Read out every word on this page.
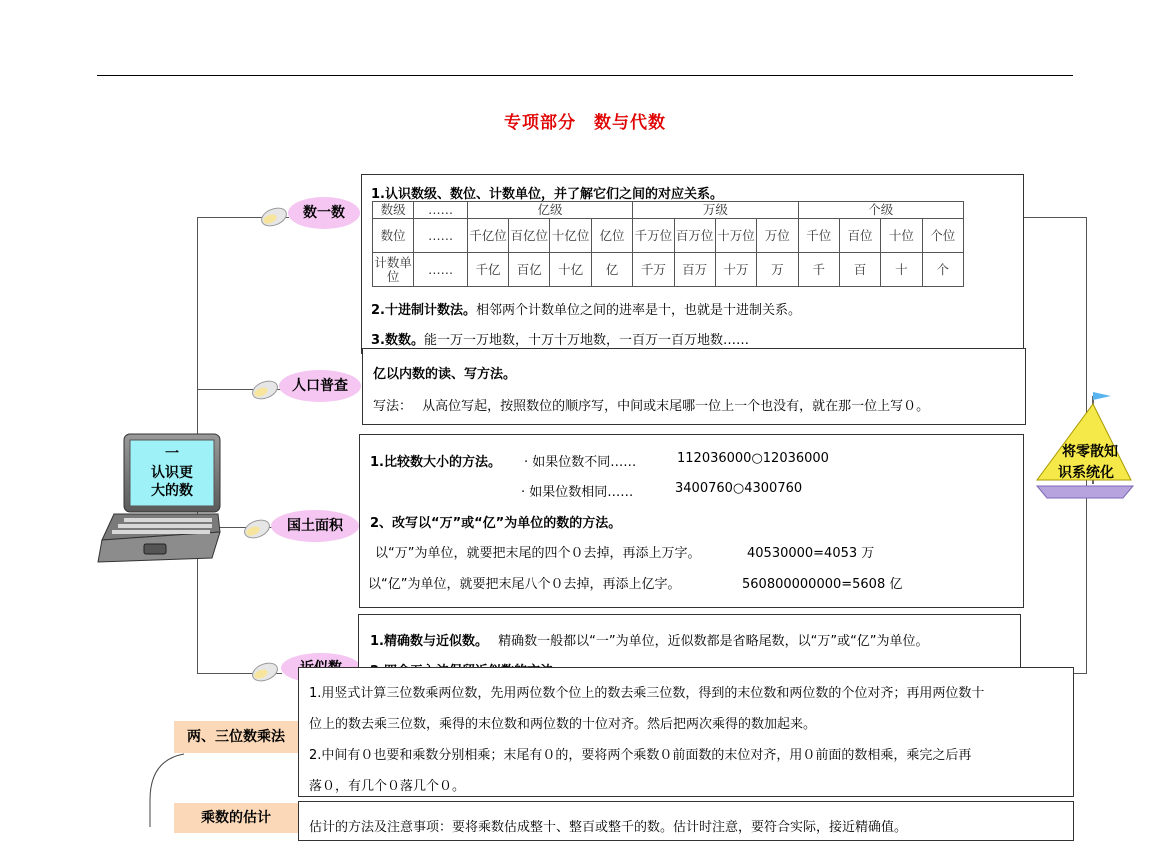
专项部分　数与代数
一
认识更
大的数
将零散知
识系统化
数一数
人口普查
国土面积
1.认识数级、数位、计数单位，并了解它们之间的对应关系。
数级	……	亿级				万级				个级			
数位	……	千亿位	百亿位	十亿位	亿位	千万位	百万位	十万位	万位	千位	百位	十位	个位
计数单位	……	千亿	百亿	十亿	亿	千万	百万	十万	万	千	百	十	个
2.十进制计数法。相邻两个计数单位之间的进率是十，也就是十进制关系。
3.数数。能一万一万地数，十万十万地数，一百万一百万地数……
亿以内数的读、写方法。
写法： 从高位写起，按照数位的顺序写，中间或末尾哪一位上一个也没有，就在那一位上写０。
1.比较数大小的方法。 · 如果位数不同……	112036000○12036000
· 如果位数相同……	3400760○4300760
2、改写以“万”或“亿”为单位的数的方法。
以“万”为单位，就要把末尾的四个０去掉，再添上万字。	40530000=4053 万
以“亿”为单位，就要把末尾八个０去掉，再添上亿字。	560800000000=5608 亿
1.精确数与近似数。 精确数一般都以“一”为单位，近似数都是省略尾数，以“万”或“亿”为单位。
1.用竖式计算三位数乘两位数，先用两位数个位上的数去乘三位数，得到的末位数和两位数的个位对齐；再用两位数十
位上的数去乘三位数，乘得的末位数和两位数的十位对齐。然后把两次乘得的数加起来。
2.中间有０也要和乘数分别相乘；末尾有０的，要将两个乘数０前面数的末位对齐，用０前面的数相乘，乘完之后再
落０，有几个０落几个０。
两、三位数乘法
乘数的估计
估计的方法及注意事项：要将乘数估成整十、整百或整千的数。估计时注意，要符合实际，接近精确值。
